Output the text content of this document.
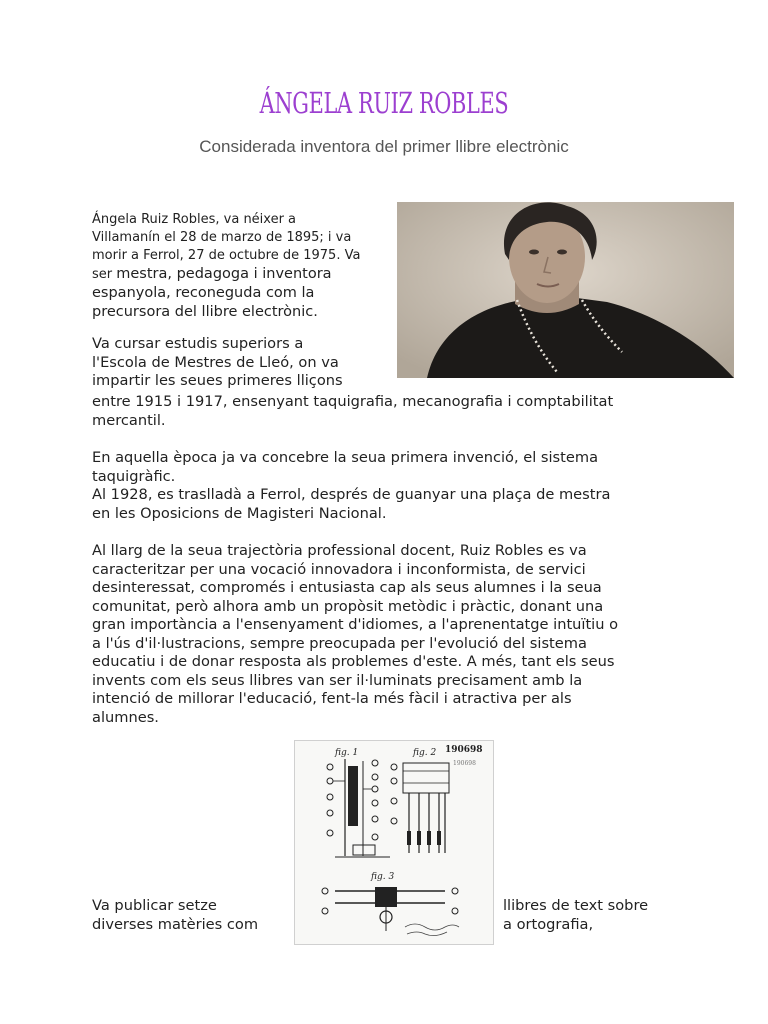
ÁNGELA RUIZ ROBLES
Considerada inventora del primer llibre electrònic

Ángela Ruiz Robles, va néixer a
Villamanín el 28 de marzo de 1895; i va
morir a Ferrol, 27 de octubre de 1975. Va
ser mestra, pedagoga i inventora
espanyola, reconeguda com la
precursora del llibre electrònic.

Va cursar estudis superiors a
l'Escola de Mestres de Lleó, on va
impartir les seues primeres lliçons

entre 1915 i 1917, ensenyant taquigrafia, mecanografia i comptabilitat
mercantil.

En aquella època ja va concebre la seua primera invenció, el sistema
taquigràfic.
Al 1928, es traslladà a Ferrol, després de guanyar una plaça de mestra
en les Oposicions de Magisteri Nacional.

Al llarg de la seua trajectòria professional docent, Ruiz Robles es va
caracteritzar per una vocació innovadora i inconformista, de servici
desinteressat, compromés i entusiasta cap als seus alumnes i la seua
comunitat, però alhora amb un propòsit metòdic i pràctic, donant una
gran importància a l'ensenyament d'idiomes, a l'aprenentatge intuïtiu o
a l'ús d'il·lustracions, sempre preocupada per l'evolució del sistema
educatiu i de donar resposta als problemes d'este. A més, tant els seus
invents com els seus llibres van ser il·luminats precisament amb la
intenció de millorar l'educació, fent-la més fàcil i atractiva per als
alumnes.

fig. 1	fig. 2 190698
190698
fig. 3

Va publicar setze
diverses matèries com

llibres de text sobre
a ortografia,
